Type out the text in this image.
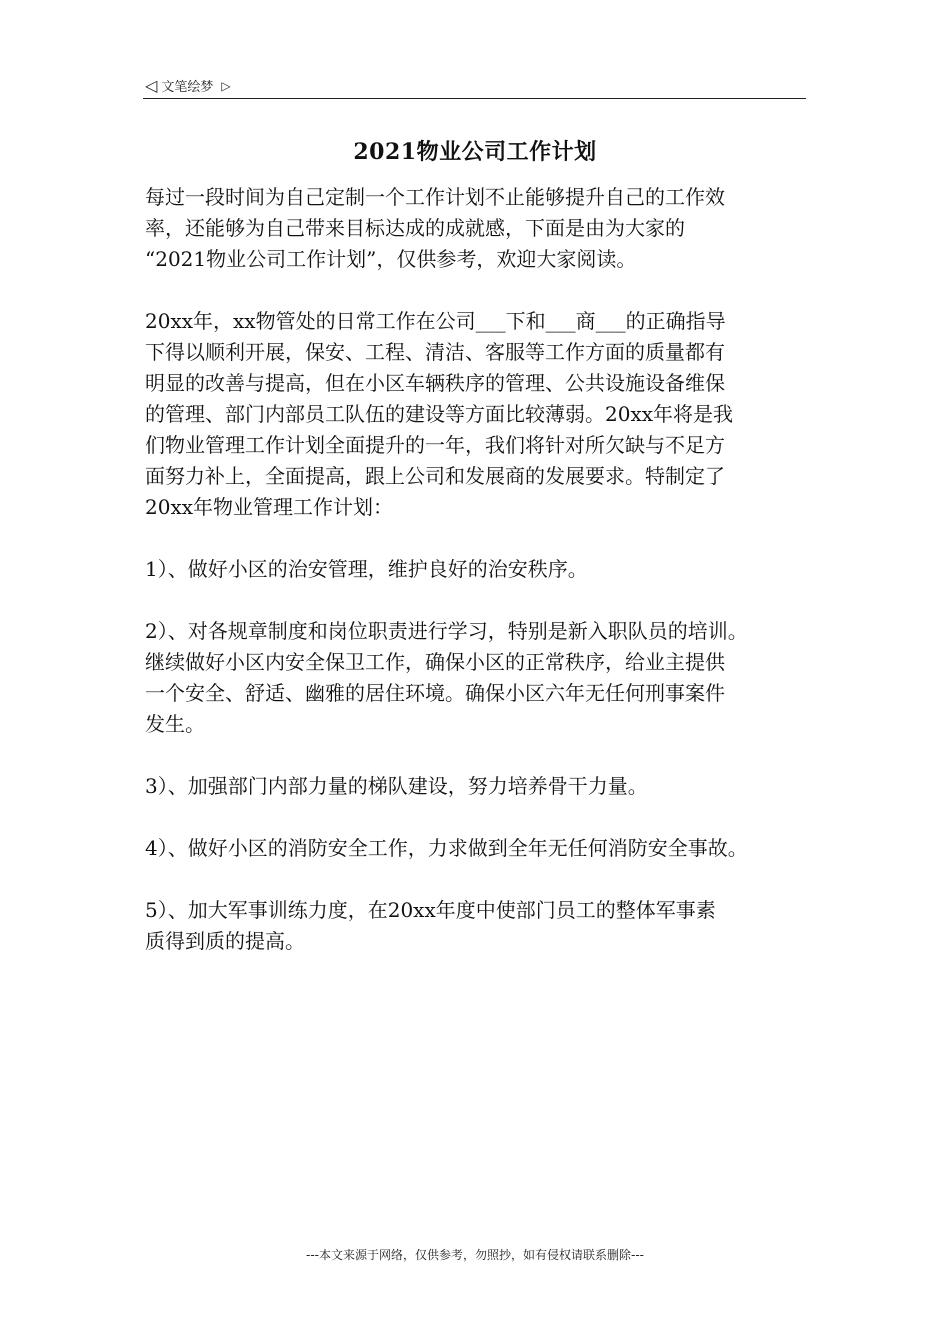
◁ 文笔绘梦 ▷
2021物业公司工作计划
每过一段时间为自己定制一个工作计划不止能够提升自己的工作效
率，还能够为自己带来目标达成的成就感，下面是由为大家的
“2021物业公司工作计划”，仅供参考，欢迎大家阅读。
20xx年，xx物管处的日常工作在公司___下和___商___的正确指导
下得以顺利开展，保安、工程、清洁、客服等工作方面的质量都有
明显的改善与提高，但在小区车辆秩序的管理、公共设施设备维保
的管理、部门内部员工队伍的建设等方面比较薄弱。20xx年将是我
们物业管理工作计划全面提升的一年，我们将针对所欠缺与不足方
面努力补上，全面提高，跟上公司和发展商的发展要求。特制定了
20xx年物业管理工作计划：
1）、做好小区的治安管理，维护良好的治安秩序。
2）、对各规章制度和岗位职责进行学习，特别是新入职队员的培训。
继续做好小区内安全保卫工作，确保小区的正常秩序，给业主提供
一个安全、舒适、幽雅的居住环境。确保小区六年无任何刑事案件
发生。
3）、加强部门内部力量的梯队建设，努力培养骨干力量。
4）、做好小区的消防安全工作，力求做到全年无任何消防安全事故。
5）、加大军事训练力度，在20xx年度中使部门员工的整体军事素
质得到质的提高。
---本文来源于网络，仅供参考，勿照抄，如有侵权请联系删除---
